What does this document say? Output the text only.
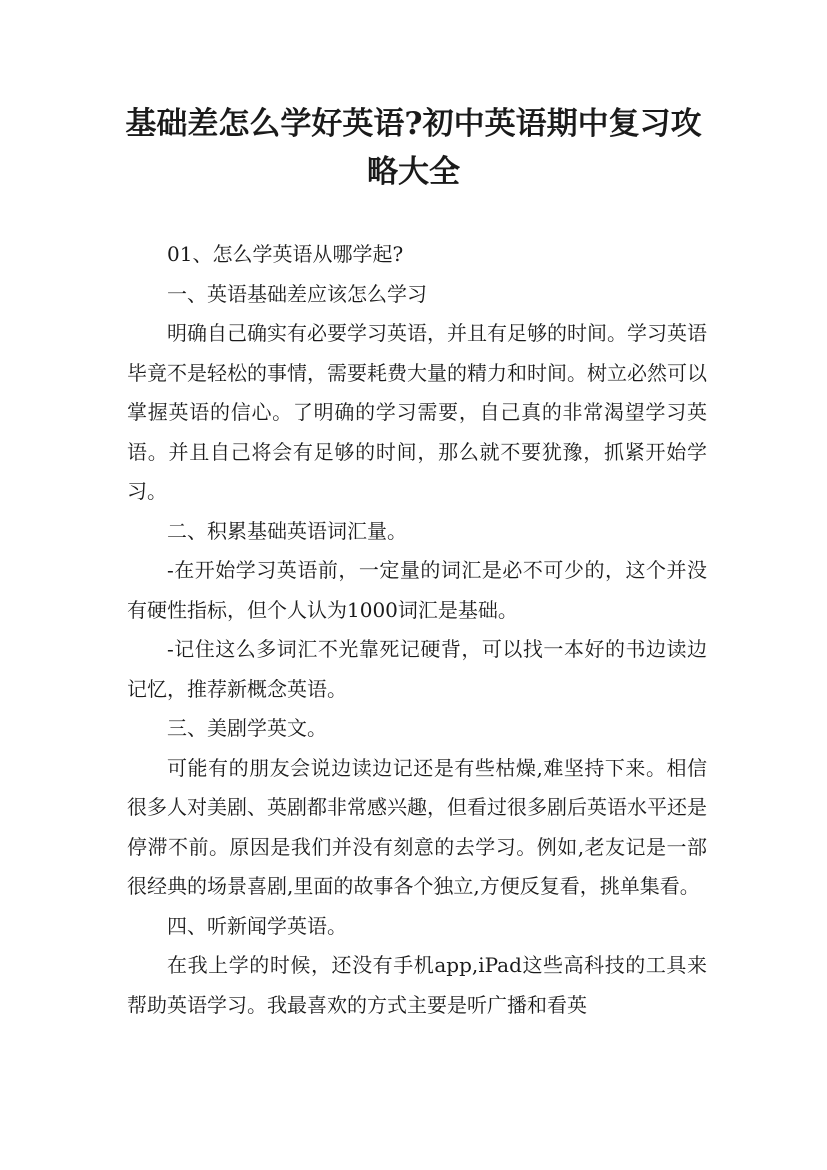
基础差怎么学好英语?初中英语期中复习攻略大全

01、怎么学英语从哪学起?

一、英语基础差应该怎么学习

明确自己确实有必要学习英语，并且有足够的时间。学习英语毕竟不是轻松的事情，需要耗费大量的精力和时间。树立必然可以掌握英语的信心。了明确的学习需要，自己真的非常渴望学习英语。并且自己将会有足够的时间，那么就不要犹豫，抓紧开始学习。

二、积累基础英语词汇量。

-在开始学习英语前，一定量的词汇是必不可少的，这个并没有硬性指标，但个人认为1000词汇是基础。

-记住这么多词汇不光靠死记硬背，可以找一本好的书边读边记忆，推荐新概念英语。

三、美剧学英文。

可能有的朋友会说边读边记还是有些枯燥,难坚持下来。相信很多人对美剧、英剧都非常感兴趣，但看过很多剧后英语水平还是停滞不前。原因是我们并没有刻意的去学习。例如,老友记是一部很经典的场景喜剧,里面的故事各个独立,方便反复看，挑单集看。

四、听新闻学英语。

在我上学的时候，还没有手机app,iPad这些高科技的工具来帮助英语学习。我最喜欢的方式主要是听广播和看英
